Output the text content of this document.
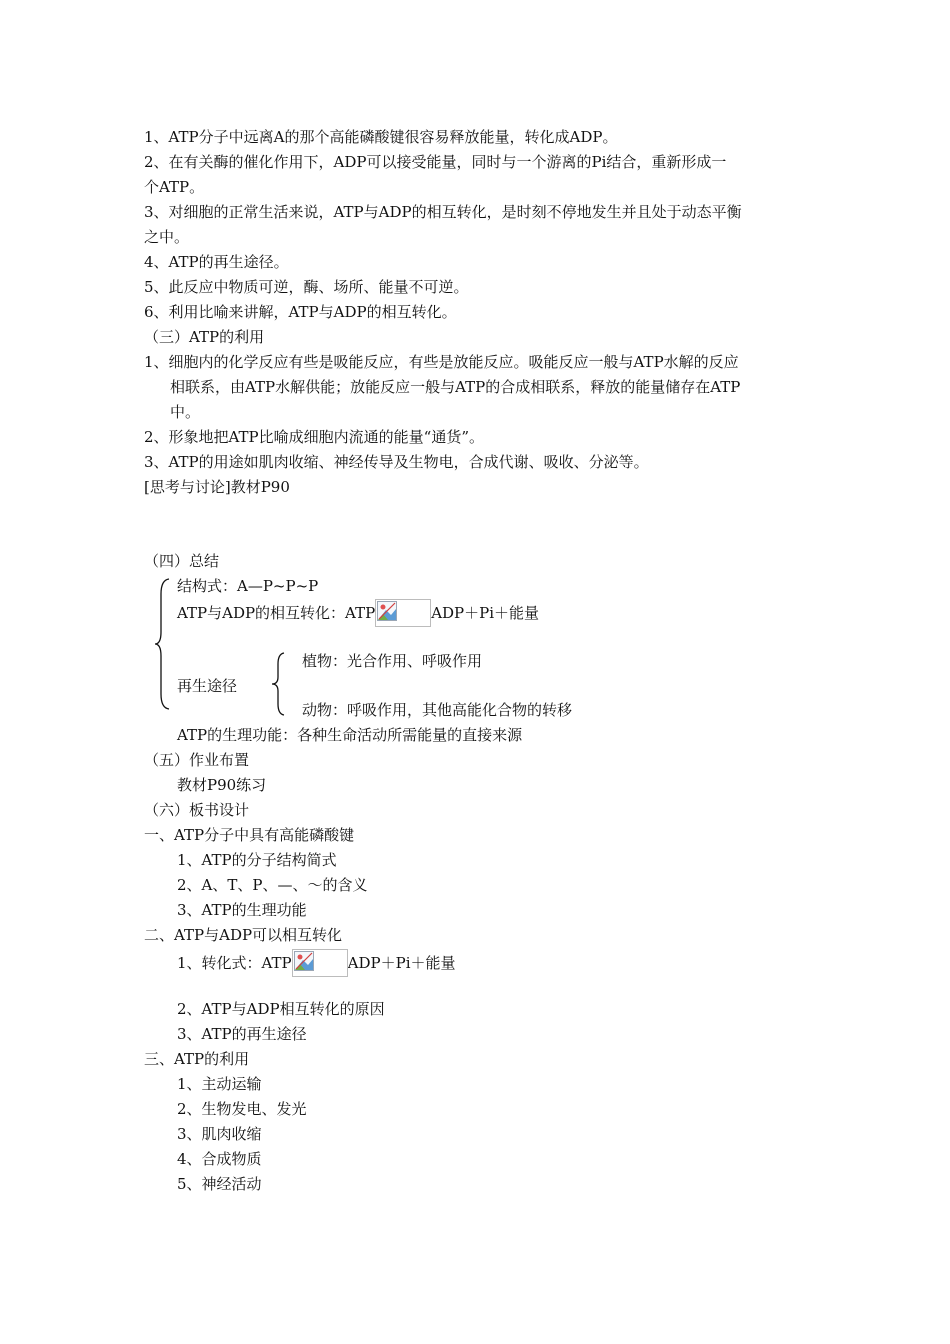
1、ATP分子中远离A的那个高能磷酸键很容易释放能量，转化成ADP。
2、在有关酶的催化作用下，ADP可以接受能量，同时与一个游离的Pi结合，重新形成一
个ATP。
3、对细胞的正常生活来说，ATP与ADP的相互转化，是时刻不停地发生并且处于动态平衡
之中。
4、ATP的再生途径。
5、此反应中物质可逆，酶、场所、能量不可逆。
6、利用比喻来讲解，ATP与ADP的相互转化。
（三）ATP的利用
1、细胞内的化学反应有些是吸能反应，有些是放能反应。吸能反应一般与ATP水解的反应
相联系，由ATP水解供能；放能反应一般与ATP的合成相联系，释放的能量储存在ATP
中。
2、形象地把ATP比喻成细胞内流通的能量“通货”。
3、ATP的用途如肌肉收缩、神经传导及生物电，合成代谢、吸收、分泌等。
[思考与讨论]教材P90
（四）总结
结构式：A—P~P~P
ATP与ADP的相互转化：ATP	ADP＋Pi＋能量
再生途径
植物：光合作用、呼吸作用
动物：呼吸作用，其他高能化合物的转移
ATP的生理功能：各种生命活动所需能量的直接来源
（五）作业布置
教材P90练习
（六）板书设计
一、ATP分子中具有高能磷酸键
1、ATP的分子结构简式
2、A、T、P、—、～的含义
3、ATP的生理功能
二、ATP与ADP可以相互转化
1、转化式：ATP	ADP＋Pi＋能量
2、ATP与ADP相互转化的原因
3、ATP的再生途径
三、ATP的利用
1、主动运输
2、生物发电、发光
3、肌肉收缩
4、合成物质
5、神经活动
